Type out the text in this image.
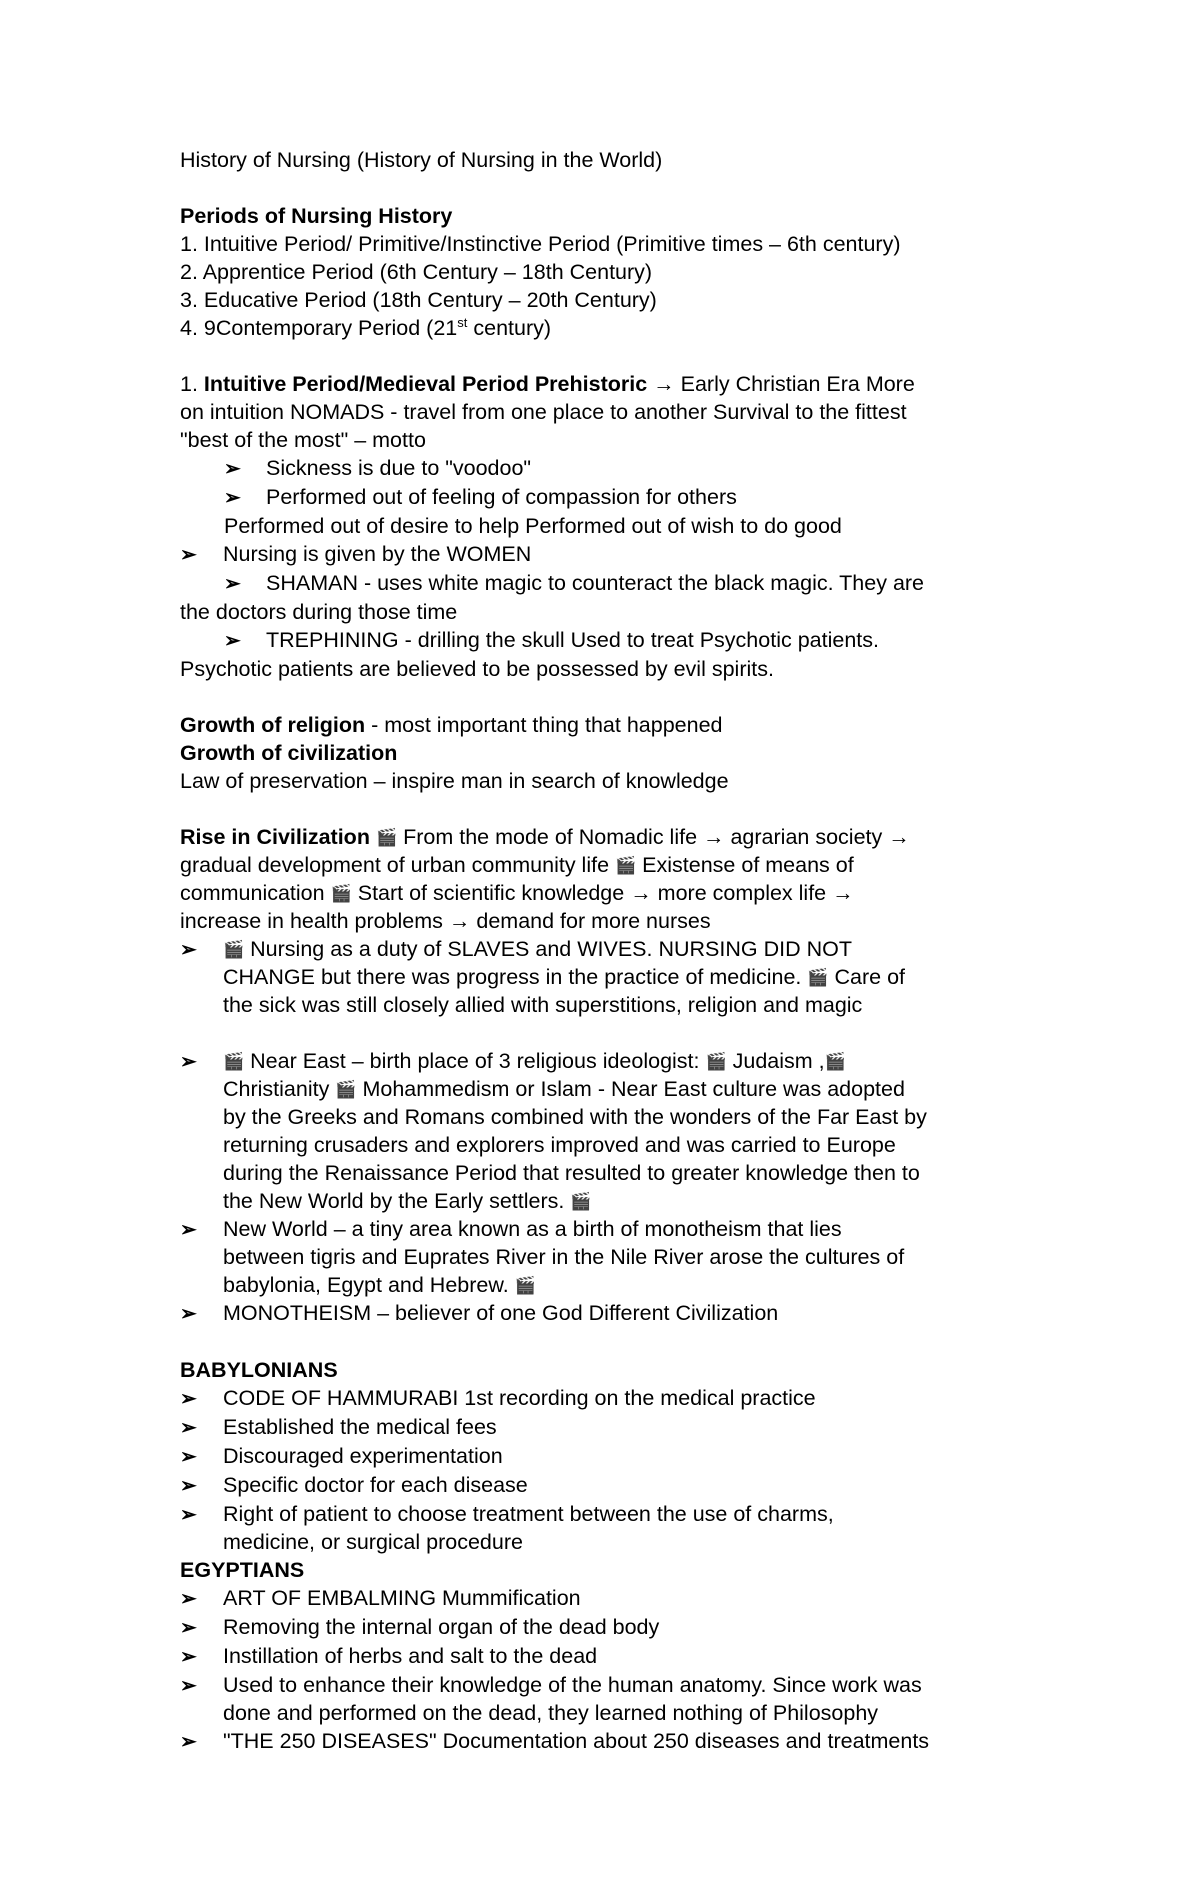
History of Nursing (History of Nursing in the World)
Periods of Nursing History
1. Intuitive Period/ Primitive/Instinctive Period (Primitive times – 6th century)
2. Apprentice Period (6th Century – 18th Century)
3. Educative Period (18th Century – 20th Century)
4. 9Contemporary Period (21st century)
1. Intuitive Period/Medieval Period Prehistoric → Early Christian Era More
on intuition NOMADS - travel from one place to another Survival to the fittest
"best of the most" – motto
➢	Sickness is due to "voodoo"
➢	Performed out of feeling of compassion for others
Performed out of desire to help Performed out of wish to do good
➢	Nursing is given by the WOMEN
➢	SHAMAN - uses white magic to counteract the black magic. They are
the doctors during those time
➢	TREPHINING - drilling the skull Used to treat Psychotic patients.
Psychotic patients are believed to be possessed by evil spirits.
Growth of religion - most important thing that happened
Growth of civilization
Law of preservation – inspire man in search of knowledge
Rise in Civilization 🎬 From the mode of Nomadic life → agrarian society →
gradual development of urban community life 🎬 Existense of means of
communication 🎬 Start of scientific knowledge → more complex life →
increase in health problems → demand for more nurses
➢	🎬 Nursing as a duty of SLAVES and WIVES. NURSING DID NOT
CHANGE but there was progress in the practice of medicine. 🎬 Care of
the sick was still closely allied with superstitions, religion and magic
➢	🎬 Near East – birth place of 3 religious ideologist: 🎬 Judaism ,🎬
Christianity 🎬 Mohammedism or Islam - Near East culture was adopted
by the Greeks and Romans combined with the wonders of the Far East by
returning crusaders and explorers improved and was carried to Europe
during the Renaissance Period that resulted to greater knowledge then to
the New World by the Early settlers. 🎬
➢	New World – a tiny area known as a birth of monotheism that lies
between tigris and Euprates River in the Nile River arose the cultures of
babylonia, Egypt and Hebrew. 🎬
➢	MONOTHEISM – believer of one God Different Civilization
BABYLONIANS
➢	CODE OF HAMMURABI 1st recording on the medical practice
➢	Established the medical fees
➢	Discouraged experimentation
➢	Specific doctor for each disease
➢	Right of patient to choose treatment between the use of charms,
medicine, or surgical procedure
EGYPTIANS
➢	ART OF EMBALMING Mummification
➢	Removing the internal organ of the dead body
➢	Instillation of herbs and salt to the dead
➢	Used to enhance their knowledge of the human anatomy. Since work was
done and performed on the dead, they learned nothing of Philosophy
➢	"THE 250 DISEASES" Documentation about 250 diseases and treatments
